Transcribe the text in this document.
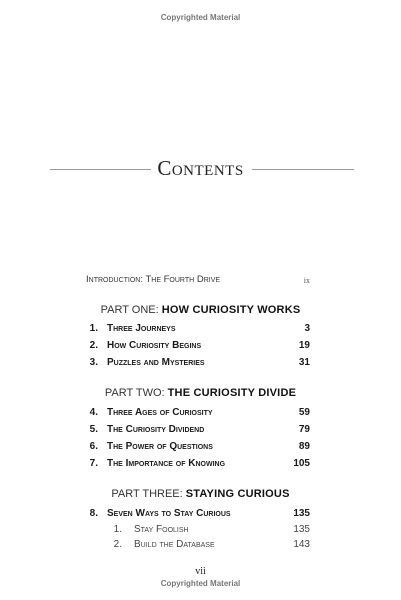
Copyrighted Material
Contents
Introduction: The Fourth Drive	ix
PART ONE: HOW CURIOSITY WORKS
1. Three Journeys	3
2. How Curiosity Begins	19
3. Puzzles and Mysteries	31
PART TWO: THE CURIOSITY DIVIDE
4. Three Ages of Curiosity	59
5. The Curiosity Dividend	79
6. The Power of Questions	89
7. The Importance of Knowing	105
PART THREE: STAYING CURIOUS
8. Seven Ways to Stay Curious	135
1. Stay Foolish	135
2. Build the Database	143
vii
Copyrighted Material
